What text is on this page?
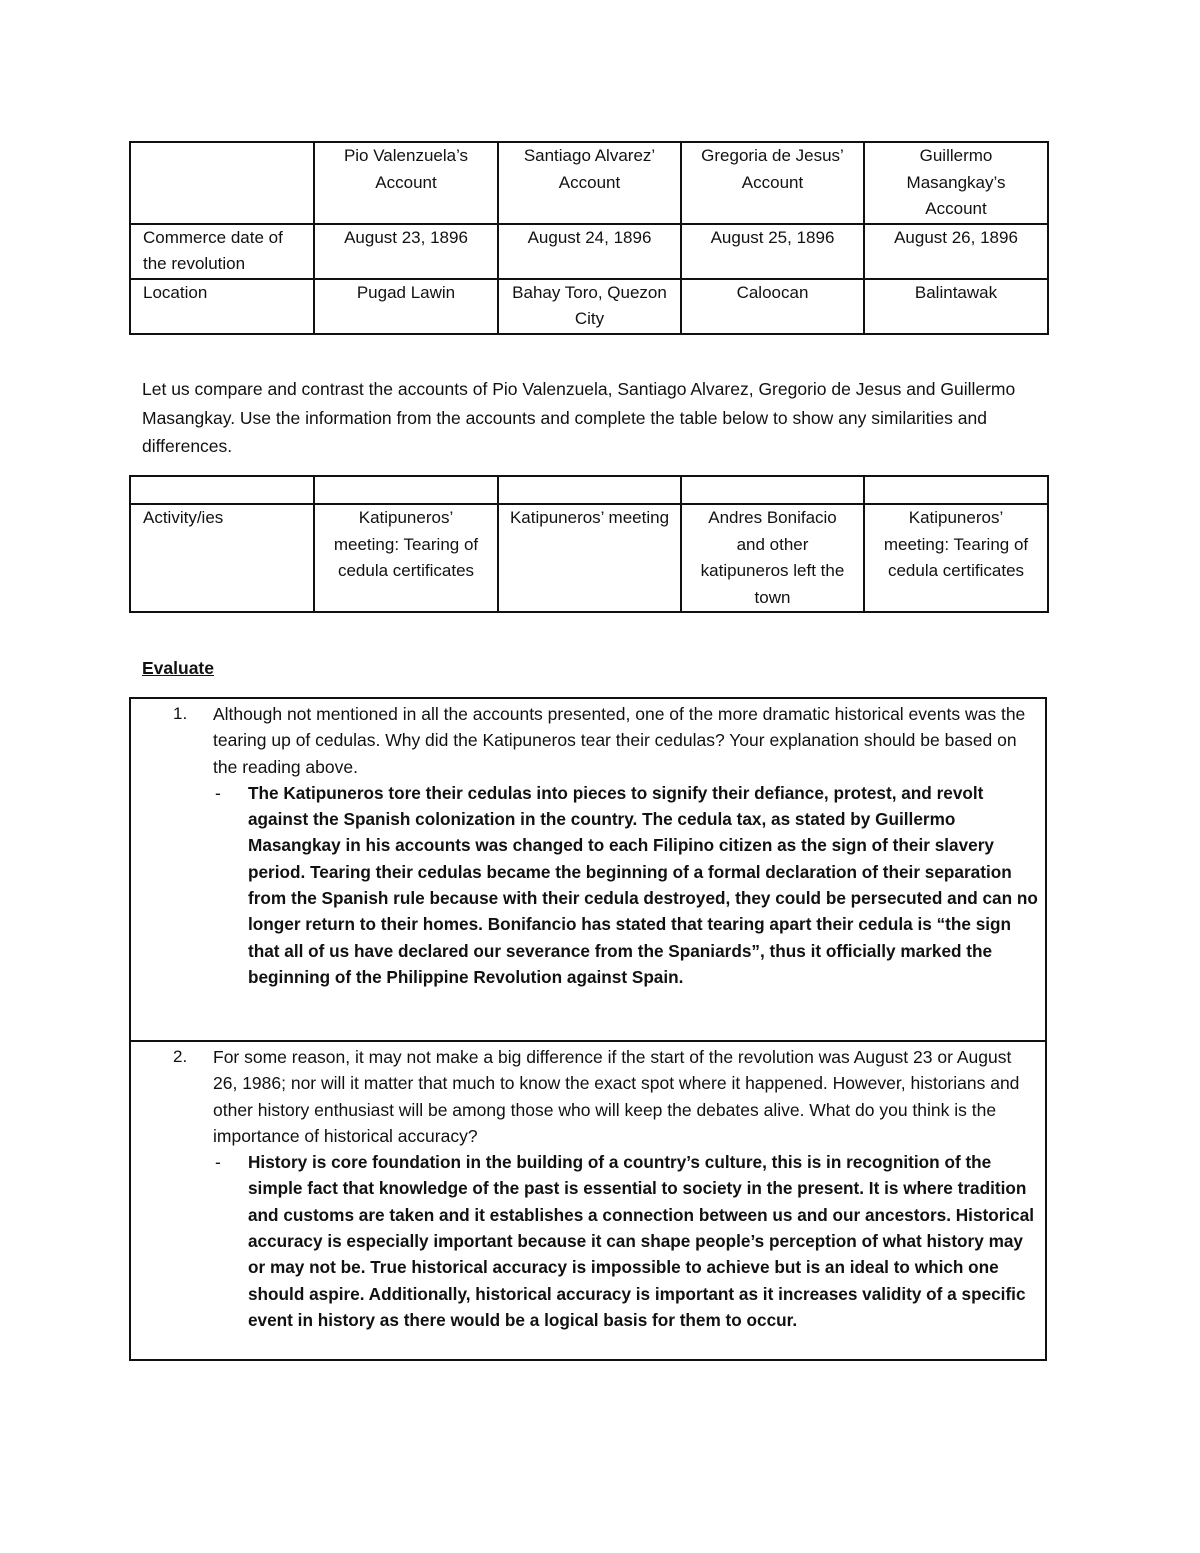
	Pio Valenzuela’s Account	Santiago Alvarez’ Account	Gregoria de Jesus’ Account	Guillermo Masangkay’s Account
Commerce date of the revolution	August 23, 1896	August 24, 1896	August 25, 1896	August 26, 1896
Location	Pugad Lawin	Bahay Toro, Quezon City	Caloocan	Balintawak
Let us compare and contrast the accounts of Pio Valenzuela, Santiago Alvarez, Gregorio de Jesus and Guillermo Masangkay. Use the information from the accounts and complete the table below to show any similarities and differences.

Activity/ies	Katipuneros’ meeting: Tearing of cedula certificates	Katipuneros’ meeting	Andres Bonifacio and other katipuneros left the town	Katipuneros’ meeting: Tearing of cedula certificates
Evaluate
1.	Although not mentioned in all the accounts presented, one of the more dramatic historical events was the tearing up of cedulas. Why did the Katipuneros tear their cedulas? Your explanation should be based on the reading above.
- The Katipuneros tore their cedulas into pieces to signify their defiance, protest, and revolt against the Spanish colonization in the country. The cedula tax, as stated by Guillermo Masangkay in his accounts was changed to each Filipino citizen as the sign of their slavery period. Tearing their cedulas became the beginning of a formal declaration of their separation from the Spanish rule because with their cedula destroyed, they could be persecuted and can no longer return to their homes. Bonifancio has stated that tearing apart their cedula is “the sign that all of us have declared our severance from the Spaniards”, thus it officially marked the beginning of the Philippine Revolution against Spain.
2.	For some reason, it may not make a big difference if the start of the revolution was August 23 or August 26, 1986; nor will it matter that much to know the exact spot where it happened. However, historians and other history enthusiast will be among those who will keep the debates alive. What do you think is the importance of historical accuracy?
- History is core foundation in the building of a country’s culture, this is in recognition of the simple fact that knowledge of the past is essential to society in the present. It is where tradition and customs are taken and it establishes a connection between us and our ancestors. Historical accuracy is especially important because it can shape people’s perception of what history may or may not be. True historical accuracy is impossible to achieve but is an ideal to which one should aspire. Additionally, historical accuracy is important as it increases validity of a specific event in history as there would be a logical basis for them to occur.
